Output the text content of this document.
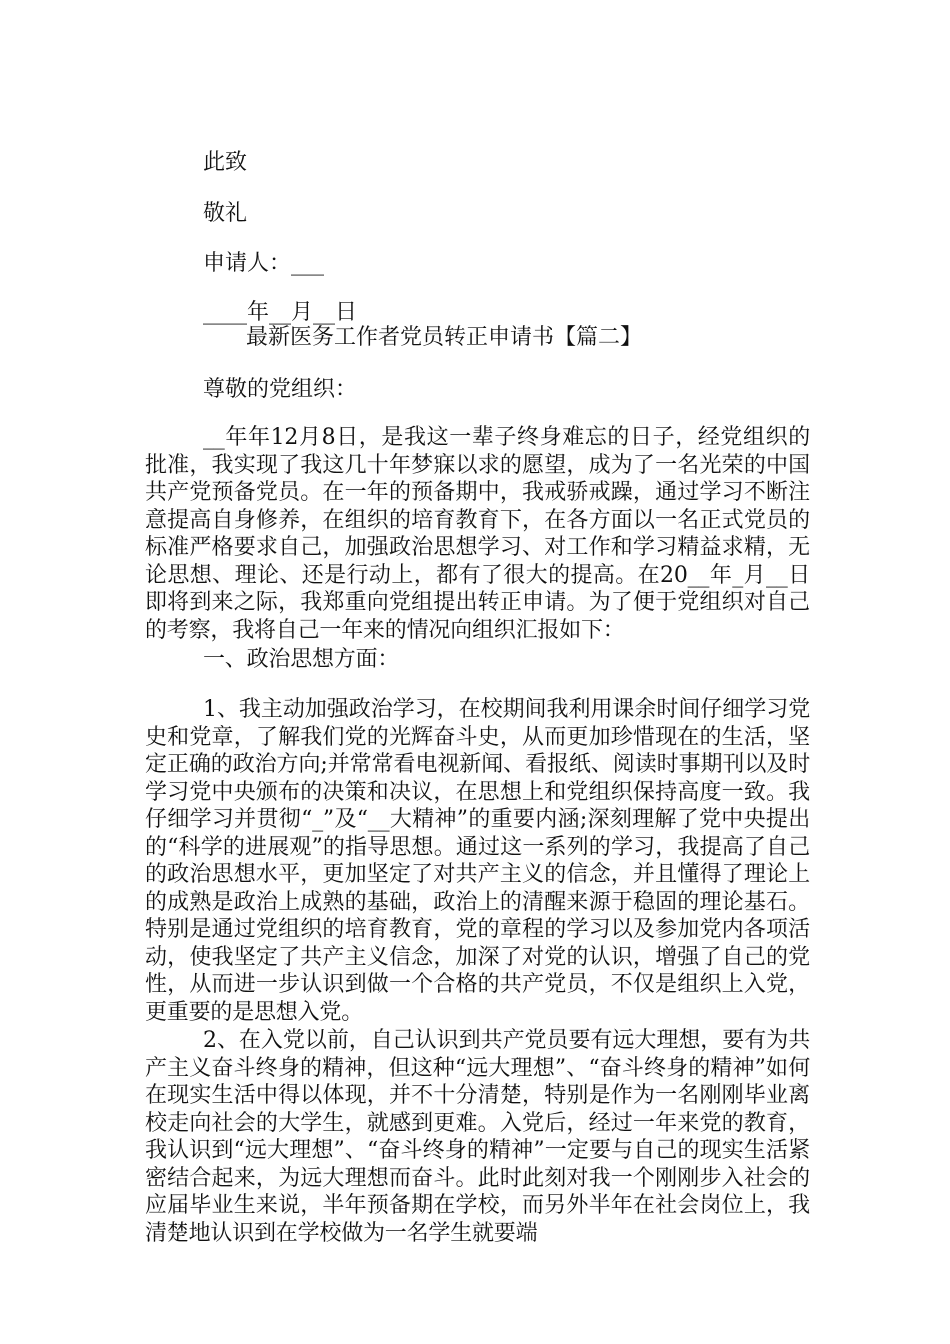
此致

敬礼

申请人：___

____年__月__日

最新医务工作者党员转正申请书【篇二】

尊敬的党组织：

__年年12月8日，是我这一辈子终身难忘的日子，经党组织的批准，我实现了我这几十年梦寐以求的愿望，成为了一名光荣的中国共产党预备党员。在一年的预备期中，我戒骄戒躁，通过学习不断注意提高自身修养，在组织的培育教育下，在各方面以一名正式党员的标准严格要求自己，加强政治思想学习、对工作和学习精益求精，无论思想、理论、还是行动上，都有了很大的提高。在20__年_月__日即将到来之际，我郑重向党组提出转正申请。为了便于党组织对自己的考察，我将自己一年来的情况向组织汇报如下：

一、政治思想方面：

1、我主动加强政治学习，在校期间我利用课余时间仔细学习党史和党章，了解我们党的光辉奋斗史，从而更加珍惜现在的生活，坚定正确的政治方向;并常常看电视新闻、看报纸、阅读时事期刊以及时学习党中央颁布的决策和决议，在思想上和党组织保持高度一致。我仔细学习并贯彻“_”及“__大精神”的重要内涵;深刻理解了党中央提出的“科学的进展观”的指导思想。通过这一系列的学习，我提高了自己的政治思想水平，更加坚定了对共产主义的信念，并且懂得了理论上的成熟是政治上成熟的基础，政治上的清醒来源于稳固的理论基石。特别是通过党组织的培育教育，党的章程的学习以及参加党内各项活动，使我坚定了共产主义信念，加深了对党的认识，增强了自己的党性，从而进一步认识到做一个合格的共产党员，不仅是组织上入党，更重要的是思想入党。

2、在入党以前，自己认识到共产党员要有远大理想，要有为共产主义奋斗终身的精神，但这种“远大理想”、“奋斗终身的精神”如何在现实生活中得以体现，并不十分清楚，特别是作为一名刚刚毕业离校走向社会的大学生，就感到更难。入党后，经过一年来党的教育，我认识到“远大理想”、“奋斗终身的精神”一定要与自己的现实生活紧密结合起来，为远大理想而奋斗。此时此刻对我一个刚刚步入社会的应届毕业生来说，半年预备期在学校，而另外半年在社会岗位上，我清楚地认识到在学校做为一名学生就要端
